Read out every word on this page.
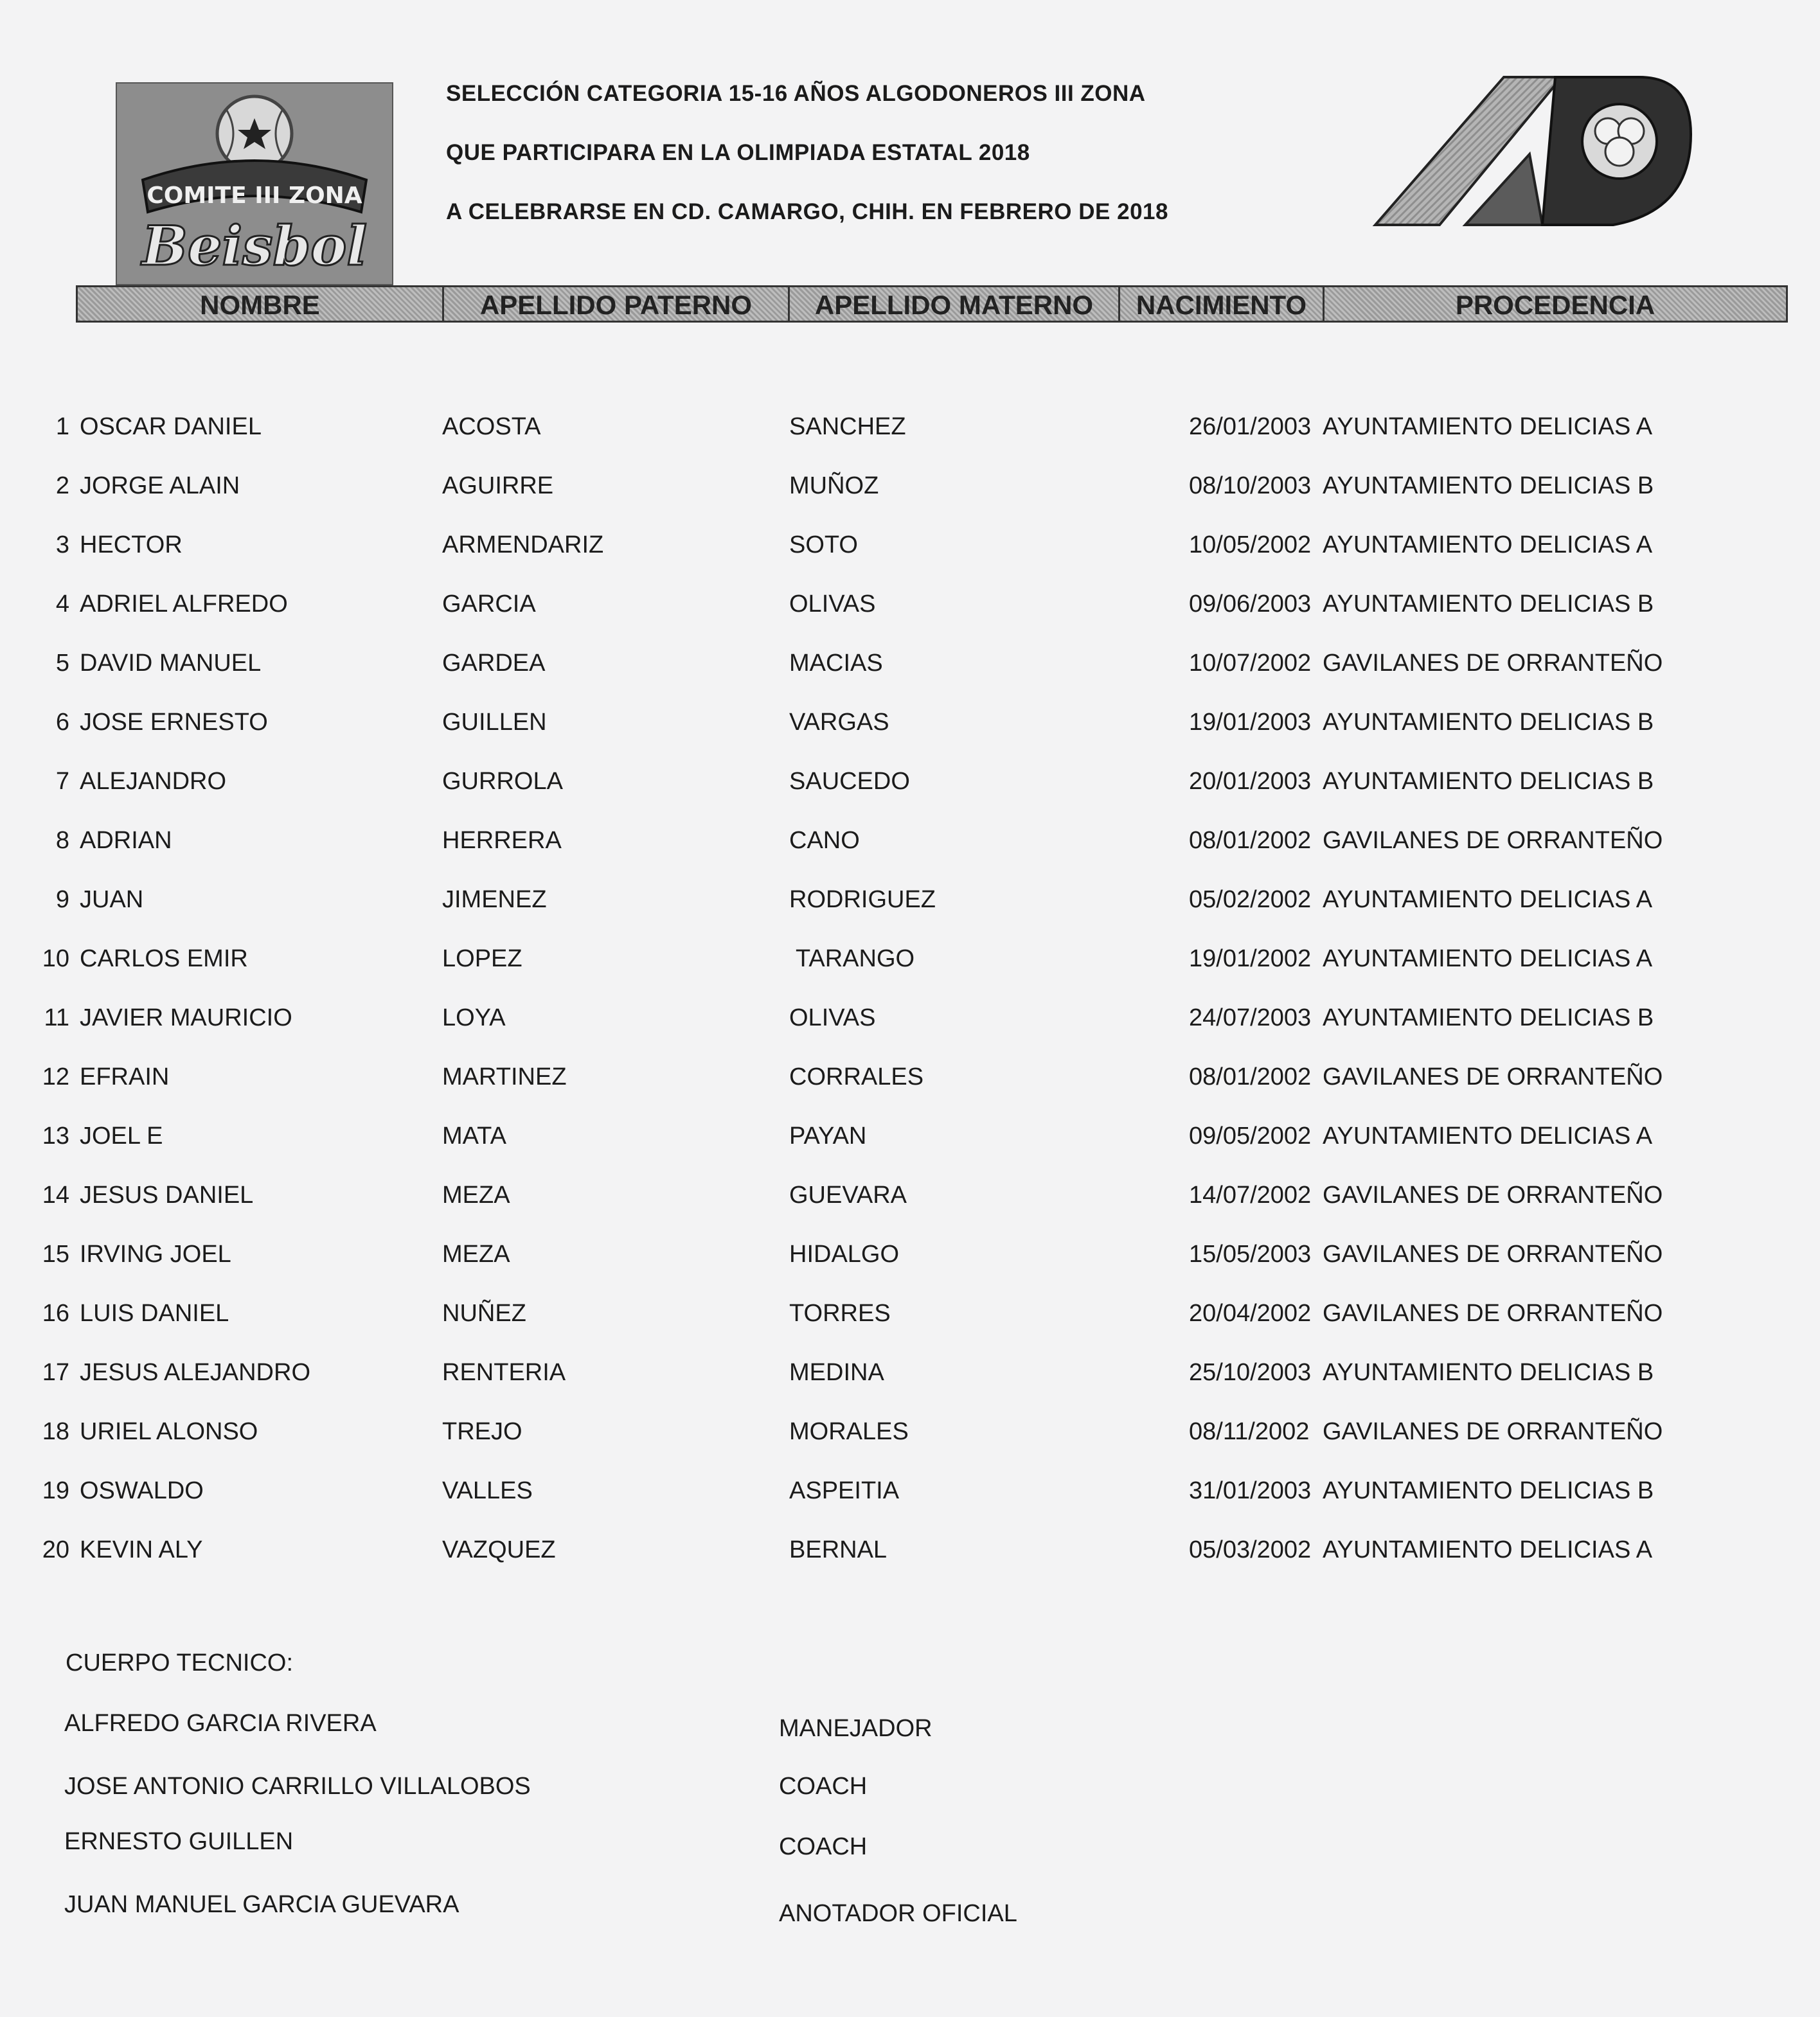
COMITE III ZONA
Beisbol
SELECCIÓN CATEGORIA 15-16 AÑOS ALGODONEROS III ZONA
QUE PARTICIPARA EN LA OLIMPIADA ESTATAL 2018
A CELEBRARSE EN CD. CAMARGO, CHIH. EN FEBRERO DE 2018
NOMBRE	APELLIDO PATERNO	APELLIDO MATERNO	NACIMIENTO	PROCEDENCIA
1 OSCAR DANIEL	ACOSTA	SANCHEZ	26/01/2003 AYUNTAMIENTO DELICIAS A
2 JORGE ALAIN	AGUIRRE	MUÑOZ	08/10/2003 AYUNTAMIENTO DELICIAS B
3 HECTOR	ARMENDARIZ	SOTO	10/05/2002 AYUNTAMIENTO DELICIAS A
4 ADRIEL ALFREDO	GARCIA	OLIVAS	09/06/2003 AYUNTAMIENTO DELICIAS B
5 DAVID MANUEL	GARDEA	MACIAS	10/07/2002 GAVILANES DE ORRANTEÑO
6 JOSE ERNESTO	GUILLEN	VARGAS	19/01/2003 AYUNTAMIENTO DELICIAS B
7 ALEJANDRO	GURROLA	SAUCEDO	20/01/2003 AYUNTAMIENTO DELICIAS B
8 ADRIAN	HERRERA	CANO	08/01/2002 GAVILANES DE ORRANTEÑO
9 JUAN	JIMENEZ	RODRIGUEZ	05/02/2002 AYUNTAMIENTO DELICIAS A
10 CARLOS EMIR	LOPEZ	TARANGO	19/01/2002 AYUNTAMIENTO DELICIAS A
11 JAVIER MAURICIO	LOYA	OLIVAS	24/07/2003 AYUNTAMIENTO DELICIAS B
12 EFRAIN	MARTINEZ	CORRALES	08/01/2002 GAVILANES DE ORRANTEÑO
13 JOEL E	MATA	PAYAN	09/05/2002 AYUNTAMIENTO DELICIAS A
14 JESUS DANIEL	MEZA	GUEVARA	14/07/2002 GAVILANES DE ORRANTEÑO
15 IRVING JOEL	MEZA	HIDALGO	15/05/2003 GAVILANES DE ORRANTEÑO
16 LUIS DANIEL	NUÑEZ	TORRES	20/04/2002 GAVILANES DE ORRANTEÑO
17 JESUS ALEJANDRO	RENTERIA	MEDINA	25/10/2003 AYUNTAMIENTO DELICIAS B
18 URIEL ALONSO	TREJO	MORALES	08/11/2002 GAVILANES DE ORRANTEÑO
19 OSWALDO	VALLES	ASPEITIA	31/01/2003 AYUNTAMIENTO DELICIAS B
20 KEVIN ALY	VAZQUEZ	BERNAL	05/03/2002 AYUNTAMIENTO DELICIAS A
CUERPO TECNICO:
ALFREDO GARCIA RIVERA	MANEJADOR
JOSE ANTONIO CARRILLO VILLALOBOS	COACH
ERNESTO GUILLEN	COACH
JUAN MANUEL GARCIA GUEVARA	ANOTADOR OFICIAL
